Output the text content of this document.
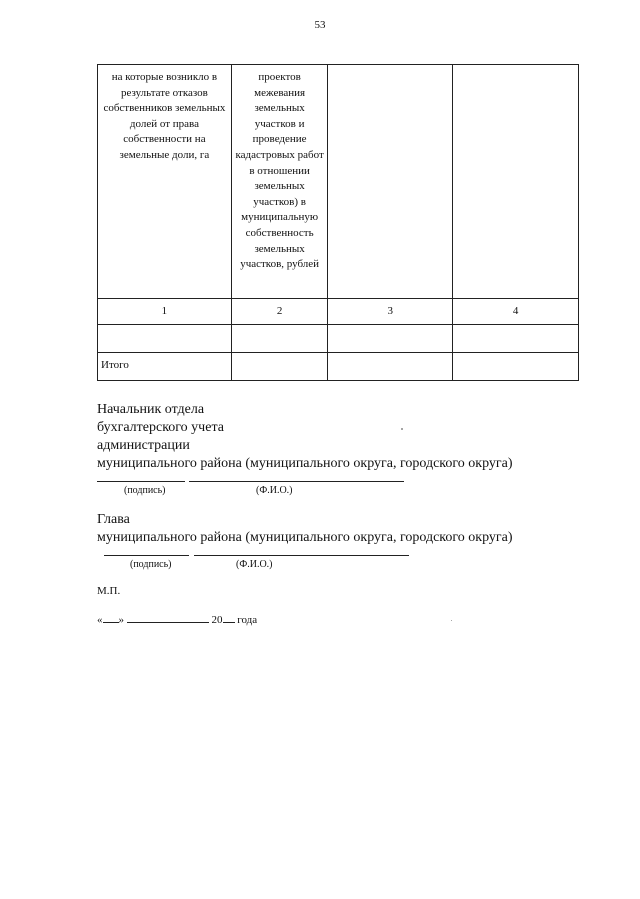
53
на которые возникло в результате отказов собственников земельных долей от права собственности на земельные доли, га	проектов межевания земельных участков и проведение кадастровых работ в отношении земельных участков) в муниципальную собственность земельных участков, рублей		
1	2	3	4

Итого			
Начальник отдела
бухгалтерского учета
администрации
муниципального района (муниципального округа, городского округа)
(подпись)	(Ф.И.О.)
Глава
муниципального района (муниципального округа, городского округа)
(подпись)	(Ф.И.О.)
М.П.
« »	20 года
